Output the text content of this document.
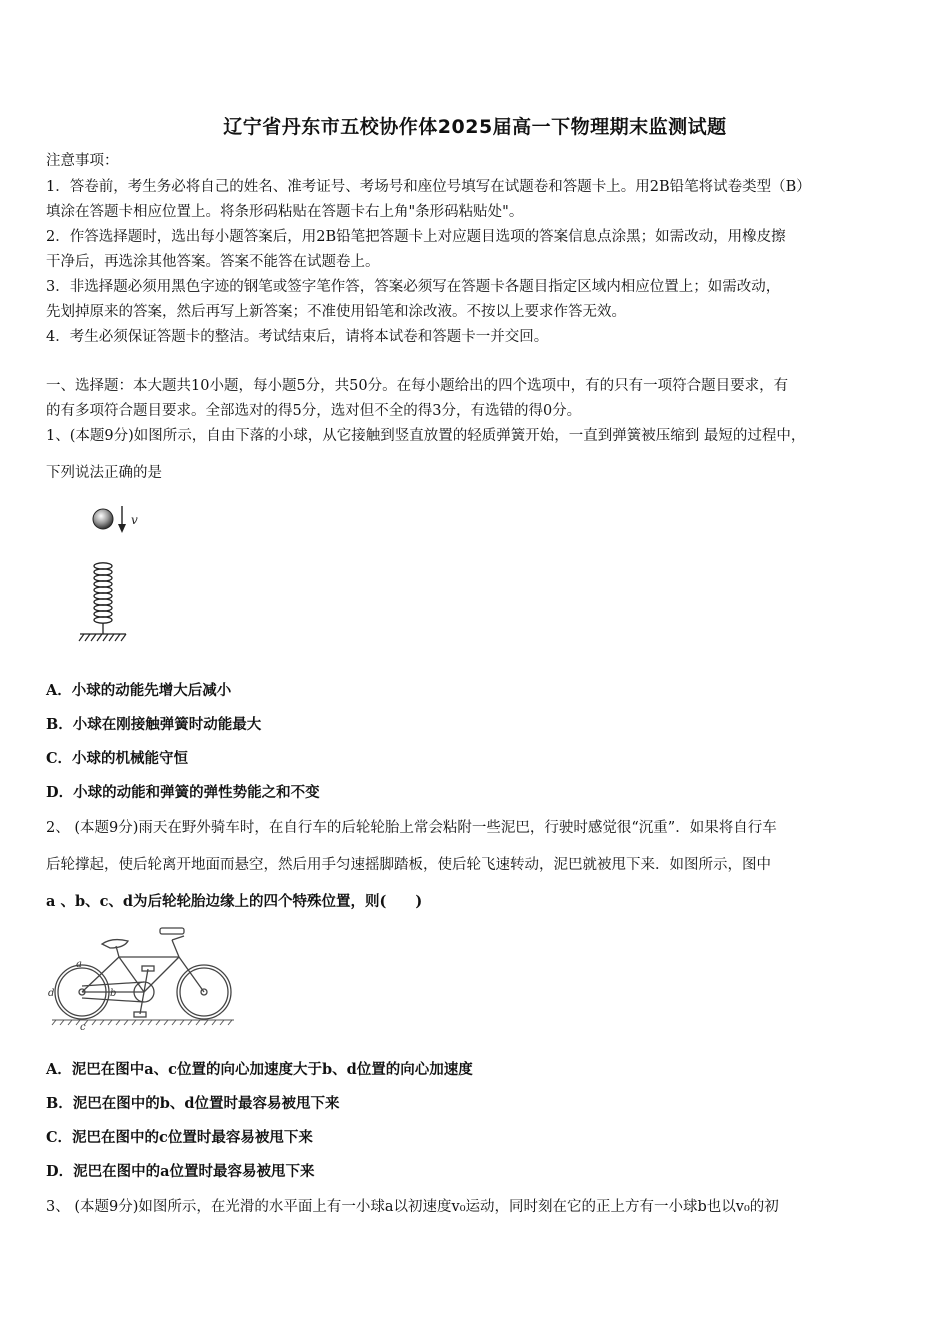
辽宁省丹东市五校协作体2025届高一下物理期末监测试题
注意事项：
1．答卷前，考生务必将自己的姓名、准考证号、考场号和座位号填写在试题卷和答题卡上。用2B铅笔将试卷类型（B）
填涂在答题卡相应位置上。将条形码粘贴在答题卡右上角"条形码粘贴处"。
2．作答选择题时，选出每小题答案后，用2B铅笔把答题卡上对应题目选项的答案信息点涂黑；如需改动，用橡皮擦
干净后，再选涂其他答案。答案不能答在试题卷上。
3．非选择题必须用黑色字迹的钢笔或签字笔作答，答案必须写在答题卡各题目指定区域内相应位置上；如需改动，
先划掉原来的答案，然后再写上新答案；不准使用铅笔和涂改液。不按以上要求作答无效。
4．考生必须保证答题卡的整洁。考试结束后，请将本试卷和答题卡一并交回。
一、选择题：本大题共10小题，每小题5分，共50分。在每小题给出的四个选项中，有的只有一项符合题目要求，有
的有多项符合题目要求。全部选对的得5分，选对但不全的得3分，有选错的得0分。
1、(本题9分)如图所示，自由下落的小球，从它接触到竖直放置的轻质弹簧开始，一直到弹簧被压缩到 最短的过程中，
下列说法正确的是
v
A．小球的动能先增大后减小
B．小球在刚接触弹簧时动能最大
C．小球的机械能守恒
D．小球的动能和弹簧的弹性势能之和不变
2、 (本题9分)雨天在野外骑车时，在自行车的后轮轮胎上常会粘附一些泥巴，行驶时感觉很“沉重”．如果将自行车
后轮撑起，使后轮离开地面而悬空，然后用手匀速摇脚踏板，使后轮飞速转动，泥巴就被甩下来．如图所示，图中
a 、b、c、d为后轮轮胎边缘上的四个特殊位置，则(　　)
a
b
c
d
A．泥巴在图中a、c位置的向心加速度大于b、d位置的向心加速度
B．泥巴在图中的b、d位置时最容易被甩下来
C．泥巴在图中的c位置时最容易被甩下来
D．泥巴在图中的a位置时最容易被甩下来
3、 (本题9分)如图所示，在光滑的水平面上有一小球a以初速度v₀运动，同时刻在它的正上方有一小球b也以v₀的初
